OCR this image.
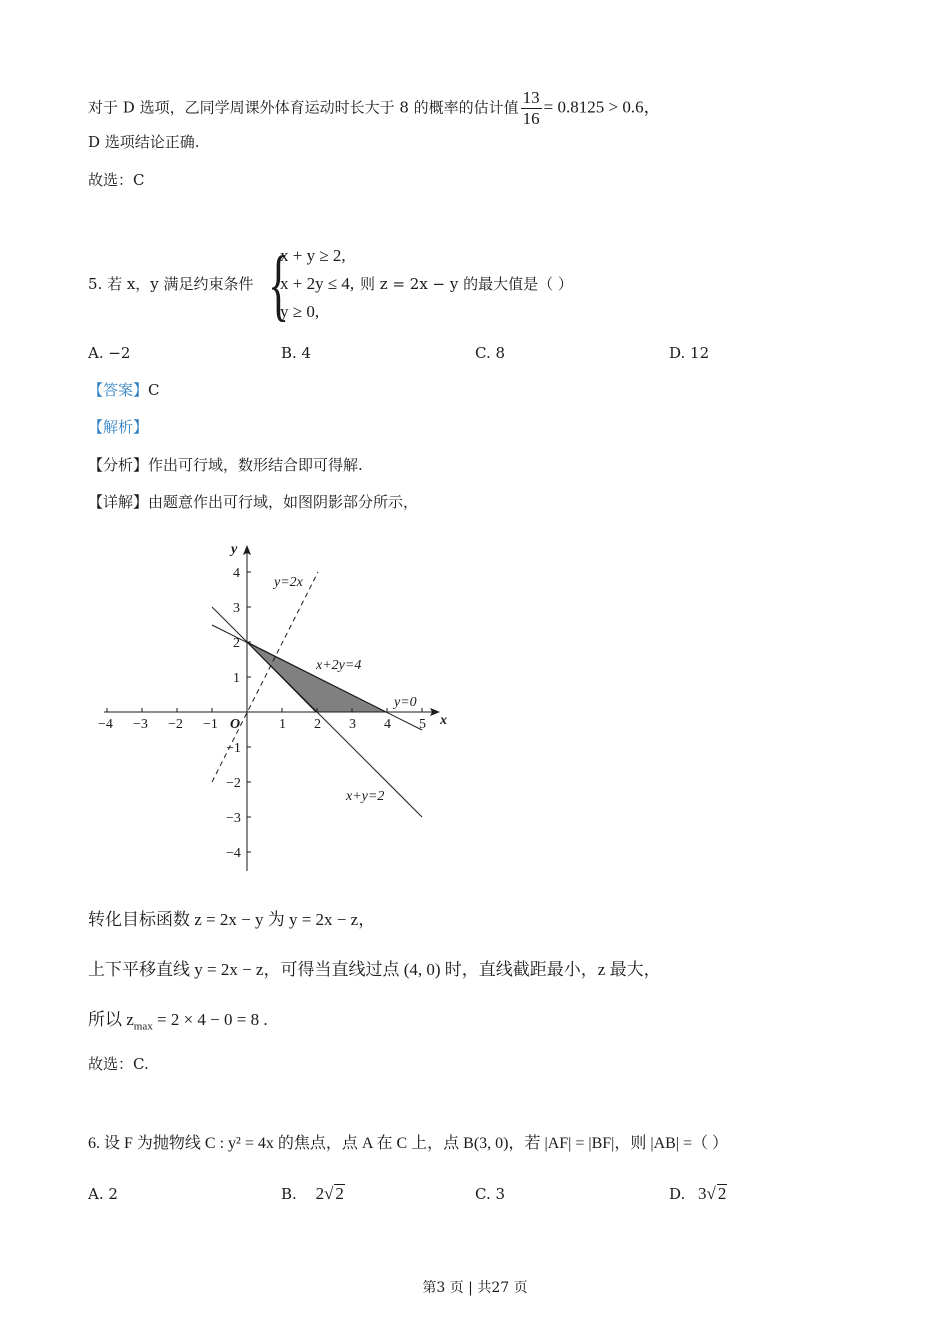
对于 D 选项，乙同学周课外体育运动时长大于 8 的概率的估计值 $\frac{13}{16} = 0.8125 > 0.6$，
D 选项结论正确.
故选：C
5. 若 x，y 满足约束条件 {
x + y ≥ 2,
x + 2y ≤ 4,
y ≥ 0,
则 z = 2x − y 的最大值是（ ）
A. −2	B. 4	C. 8	D. 12
【答案】C
【解析】
【分析】作出可行域，数形结合即可得解.
【详解】由题意作出可行域，如图阴影部分所示，
−4 −3 −2 −1	1 2 3 4 5
4
3
2
1
−1
−2
−3
−4
O	x
y
y=2x
x+2y=4
y=0
x+y=2
转化目标函数 z = 2x − y 为 y = 2x − z，
上下平移直线 y = 2x − z，可得当直线过点 (4, 0) 时，直线截距最小，z 最大，
所以 $z_{max} = 2 \times 4 - 0 = 8$ .
故选：C.
6. 设 F 为抛物线 C : y² = 4x 的焦点，点 A 在 C 上，点 B(3, 0)，若 |AF| = |BF|，则 |AB| =（ ）
A. 2	B. 2√ 2	C. 3	D. 3√ 2
第3 页 | 共27 页
